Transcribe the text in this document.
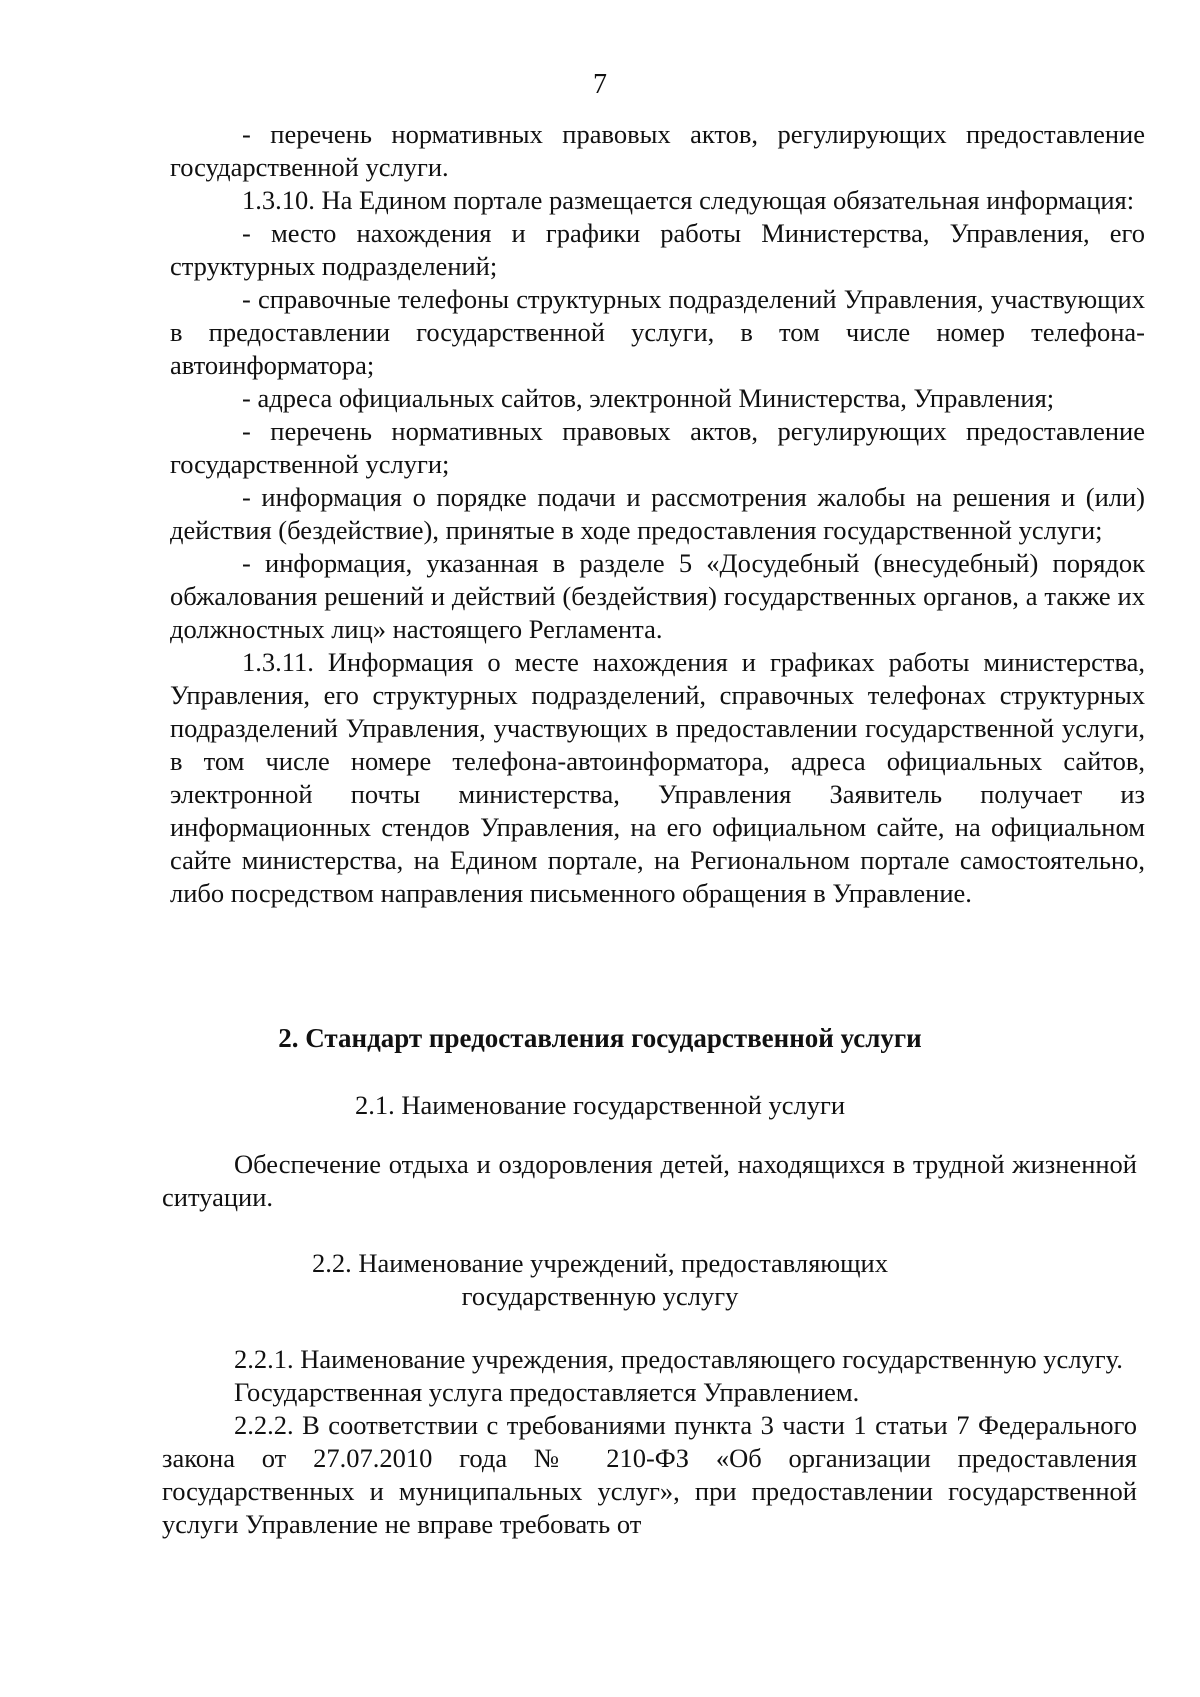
7

- перечень нормативных правовых актов, регулирующих предоставление государственной услуги.

1.3.10. На Едином портале размещается следующая обязательная информация:

- место нахождения и графики работы Министерства, Управления, его структурных подразделений;

- справочные телефоны структурных подразделений Управления, участвующих в предоставлении государственной услуги, в том числе номер телефона-автоинформатора;

- адреса официальных сайтов, электронной Министерства, Управления;

- перечень нормативных правовых актов, регулирующих предоставление государственной услуги;

- информация о порядке подачи и рассмотрения жалобы на решения и (или) действия (бездействие), принятые в ходе предоставления государственной услуги;

- информация, указанная в разделе 5 «Досудебный (внесудебный) порядок обжалования решений и действий (бездействия) государственных органов, а также их должностных лиц» настоящего Регламента.

1.3.11. Информация о месте нахождения и графиках работы министерства, Управления, его структурных подразделений, справочных телефонах структурных подразделений Управления, участвующих в предоставлении государственной услуги, в том числе номере телефона-автоинформатора, адреса официальных сайтов, электронной почты министерства, Управления Заявитель получает из информационных стендов Управления, на его официальном сайте, на официальном сайте министерства, на Едином портале, на Региональном портале самостоятельно, либо посредством направления письменного обращения в Управление.

2. Стандарт предоставления государственной услуги
2.1. Наименование государственной услуги

Обеспечение отдыха и оздоровления детей, находящихся в трудной жизненной ситуации.

2.2. Наименование учреждений, предоставляющих
государственную услугу

2.2.1. Наименование учреждения, предоставляющего государственную услугу.

Государственная услуга предоставляется Управлением.

2.2.2. В соответствии с требованиями пункта 3 части 1 статьи 7 Федерального закона от 27.07.2010 года № 210-ФЗ «Об организации предоставления государственных и муниципальных услуг», при предоставлении государственной услуги Управление не вправе требовать от
